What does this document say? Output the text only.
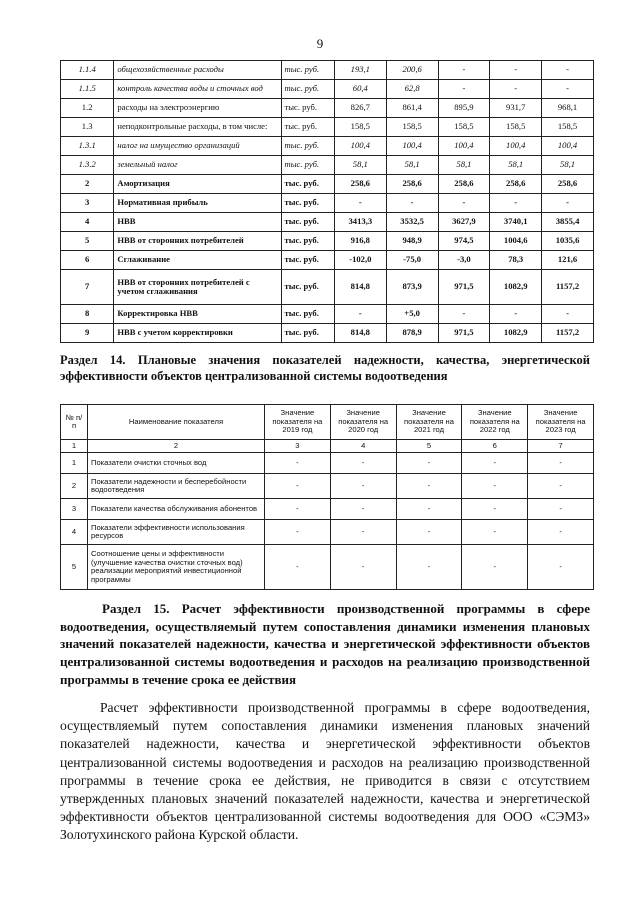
9
1.1.4	общехозяйственные расходы	тыс. руб.	193,1	200,6	-	-	-
1.1.5	контроль качества воды и сточных вод	тыс. руб.	60,4	62,8	-	-	-
1.2	расходы на электроэнергию	тыс. руб.	826,7	861,4	895,9	931,7	968,1
1.3	неподконтрольные расходы, в том числе:	тыс. руб.	158,5	158,5	158,5	158,5	158,5
1.3.1	налог на имущество организаций	тыс. руб.	100,4	100,4	100,4	100,4	100,4
1.3.2	земельный налог	тыс. руб.	58,1	58,1	58,1	58,1	58,1
2	Амортизация	тыс. руб.	258,6	258,6	258,6	258,6	258,6
3	Нормативная прибыль	тыс. руб.	-	-	-	-	-
4	НВВ	тыс. руб.	3413,3	3532,5	3627,9	3740,1	3855,4
5	НВВ от сторонних потребителей	тыс. руб.	916,8	948,9	974,5	1004,6	1035,6
6	Сглаживание	тыс. руб.	-102,0	-75,0	-3,0	78,3	121,6
7	НВВ от сторонних потребителей с учетом сглаживания	тыс. руб.	814,8	873,9	971,5	1082,9	1157,2
8	Корректировка НВВ	тыс. руб.	-	+5,0	-	-	-
9	НВВ с учетом корректировки	тыс. руб.	814,8	878,9	971,5	1082,9	1157,2
Раздел 14. Плановые значения показателей надежности, качества, энергетической эффективности объектов централизованной системы водоотведения
№ п/п	Наименование показателя	Значение показателя на 2019 год	Значение показателя на 2020 год	Значение показателя на 2021 год	Значение показателя на 2022 год	Значение показателя на 2023 год
1	2	3	4	5	6	7
1	Показатели очистки сточных вод	-	-	-	-	-
2	Показатели надежности и бесперебойности водоотведения	-	-	-	-	-
3	Показатели качества обслуживания абонентов	-	-	-	-	-
4	Показатели эффективности использования ресурсов	-	-	-	-	-
5	Соотношение цены и эффективности (улучшение качества очистки сточных вод) реализации мероприятий инвестиционной программы	-	-	-	-	-
Раздел 15. Расчет эффективности производственной программы в сфере водоотведения, осуществляемый путем сопоставления динамики изменения плановых значений показателей надежности, качества и энергетической эффективности объектов централизованной системы водоотведения и расходов на реализацию производственной программы в течение срока ее действия

Расчет эффективности производственной программы в сфере водоотведения, осуществляемый путем сопоставления динамики изменения плановых значений показателей надежности, качества и энергетической эффективности объектов централизованной системы водоотведения и расходов на реализацию производственной программы в течение срока ее действия, не приводится в связи с отсутствием утвержденных плановых значений показателей надежности, качества и энергетической эффективности объектов централизованной системы водоотведения для ООО «СЭМЗ» Золотухинского района Курской области.
